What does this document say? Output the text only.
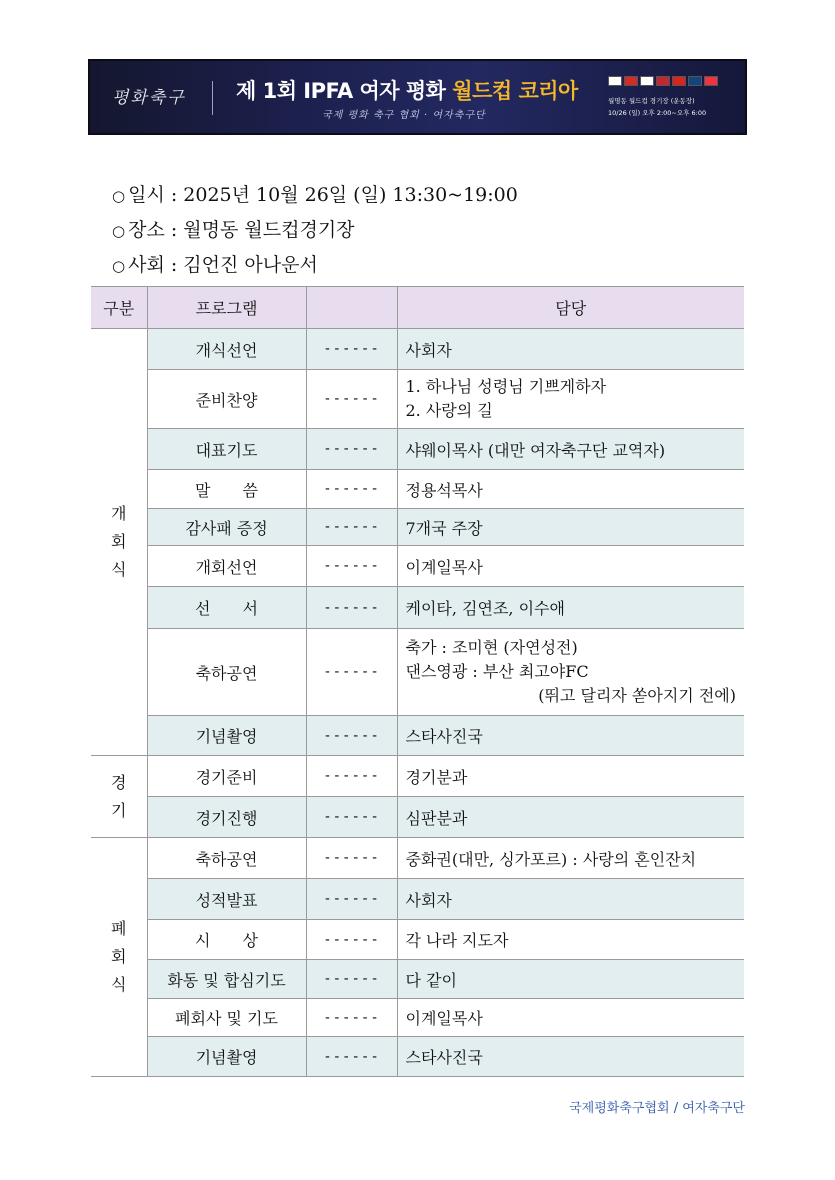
평화축구 제 1회 IPFA 여자 평화 월드컵 코리아
국제 평화 축구 협회 · 여자축구단
월명동 월드컵 경기장 (운동장)
10/26 (일) 오후 2:00~오후 6:00
○ 일시 : 2025년 10월 26일 (일) 13:30~19:00
○ 장소 : 월명동 월드컵경기장
○ 사회 : 김언진 아나운서
구분	프로그램		담당
개
회
식	개식선언	------	사회자
	준비찬양	------	1. 하나님 성령님 기쁘게하자
2. 사랑의 길

	대표기도	------	샤웨이목사 (대만 여자축구단 교역자)
	말　　씀	------	정용석목사
	감사패 증정	------	7개국 주장
	개회선언	------	이계일목사
	선　　서	------	케이타, 김연조, 이수애
	축하공연	------	축가 : 조미현 (자연성전)
댄스영광 : 부산 최고야FC
(뛰고 달리자 쏟아지기 전에)

	기념촬영	------	스타사진국
경
기	경기준비	------	경기분과
	경기진행	------	심판분과
폐
회
식	축하공연	------	중화권(대만, 싱가포르) : 사랑의 혼인잔치
	성적발표	------	사회자
	시　　상	------	각 나라 지도자
	화동 및 합심기도	------	다 같이
	폐회사 및 기도	------	이계일목사
	기념촬영	------	스타사진국
국제평화축구협회 / 여자축구단
